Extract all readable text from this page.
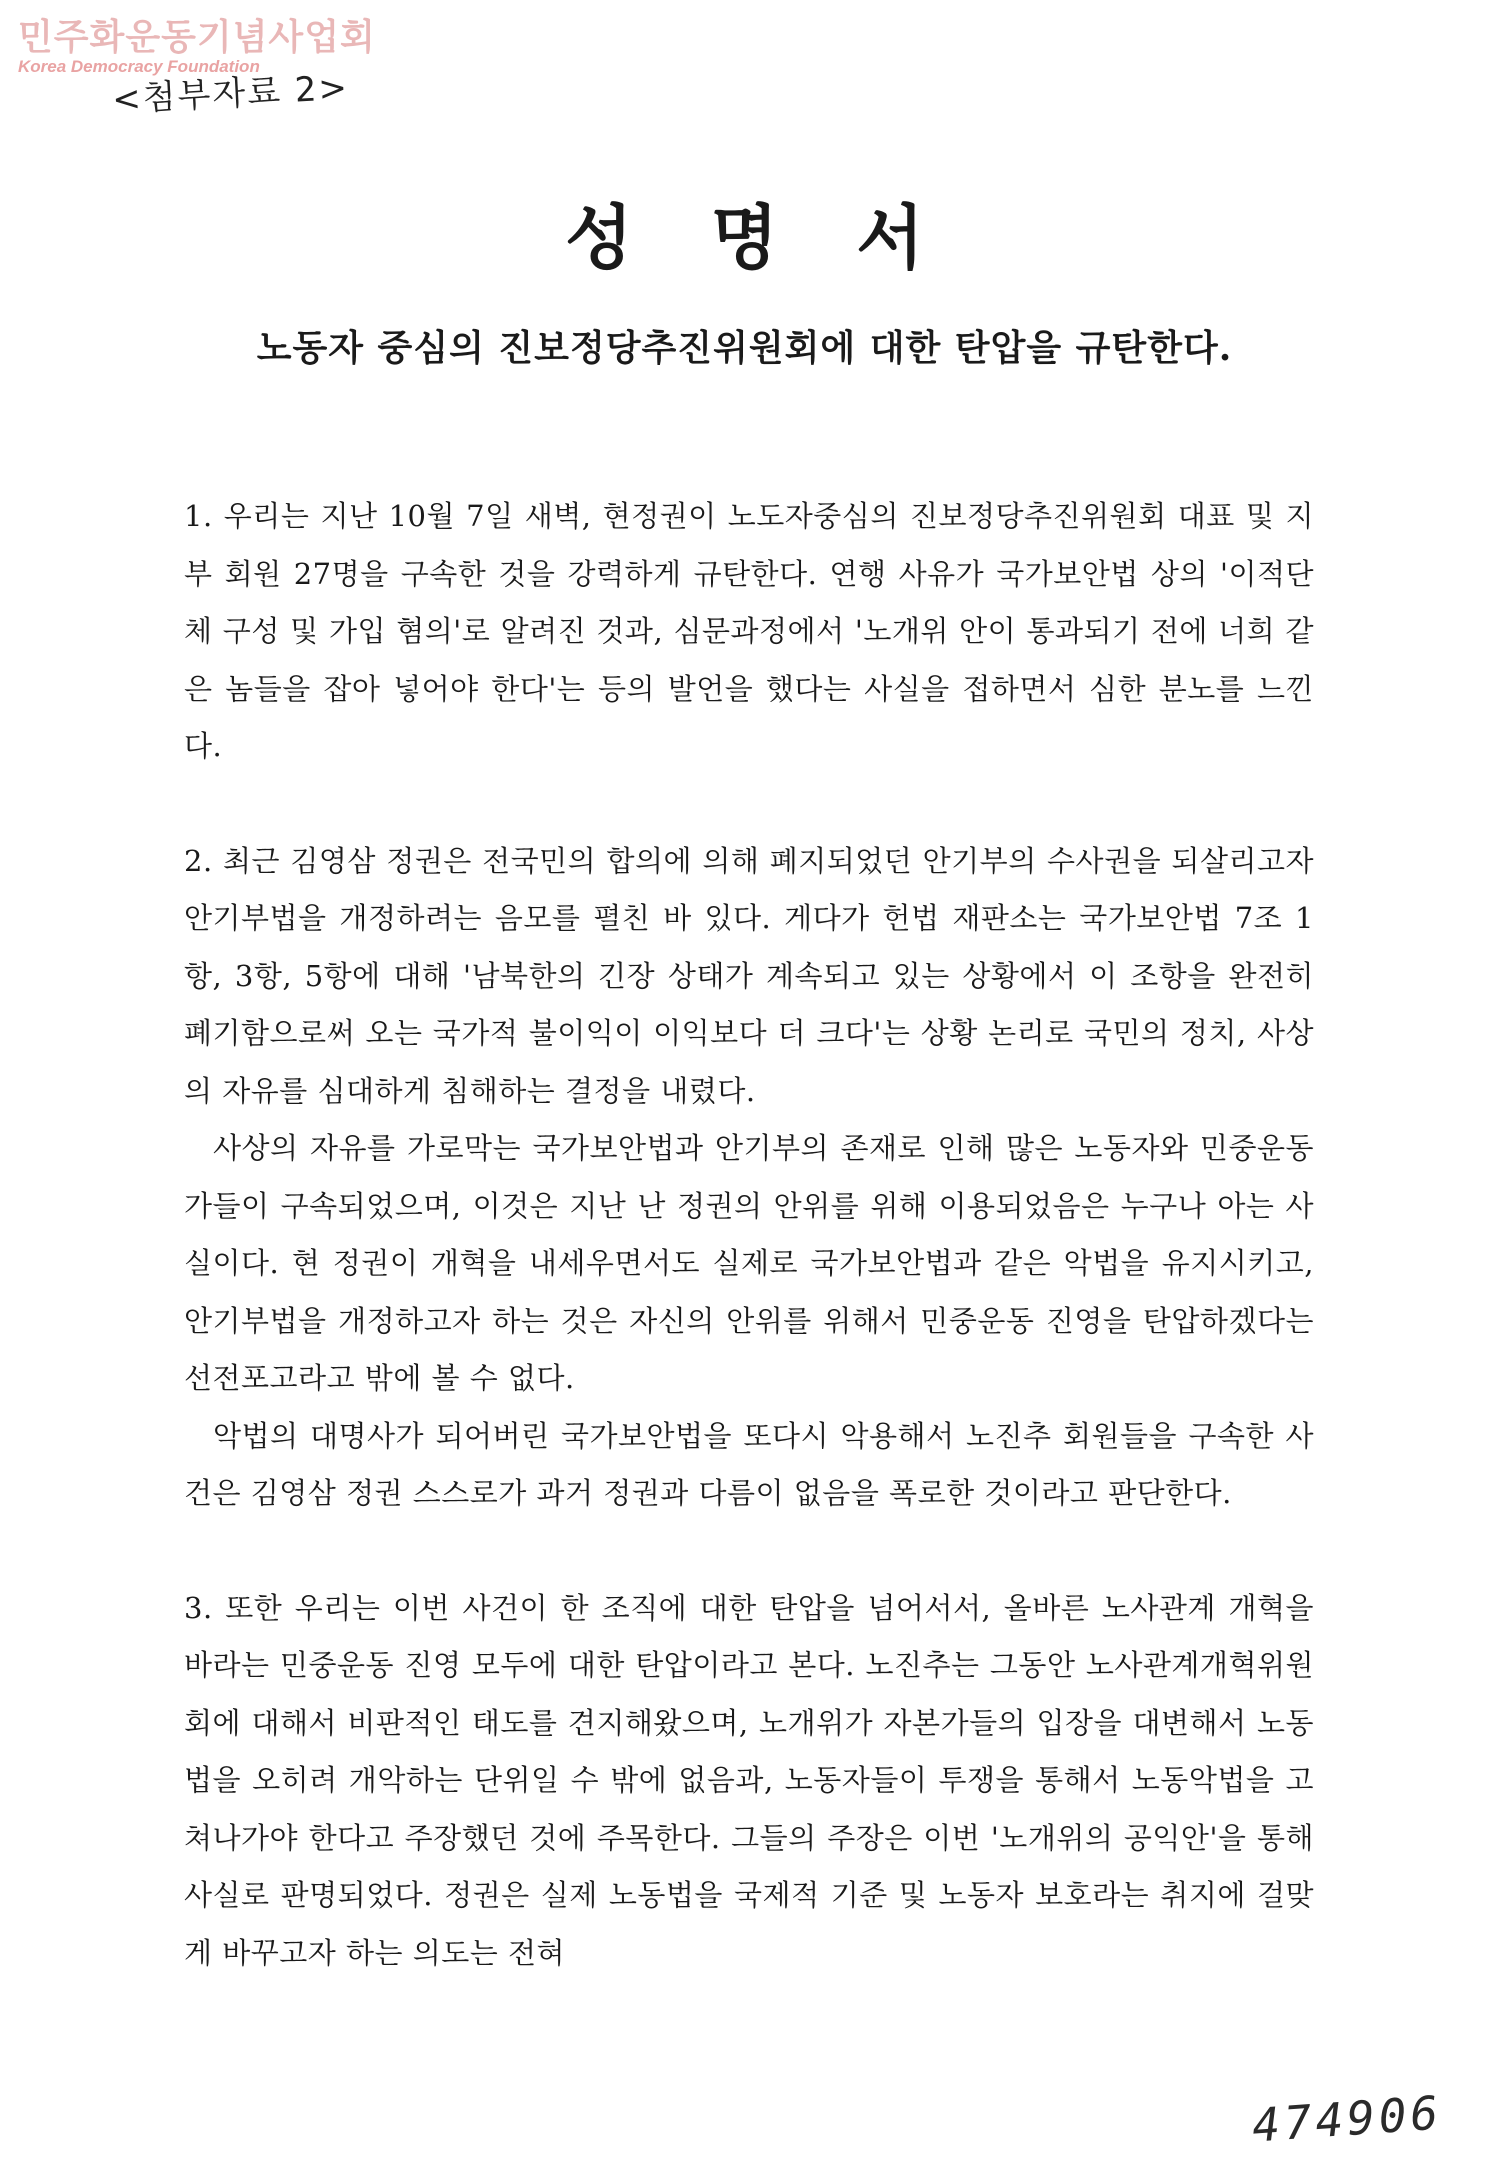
민주화운동기념사업회
Korea Democracy Foundation
<첨부자료 2>
성명서
노동자 중심의 진보정당추진위원회에 대한 탄압을 규탄한다.

1. 우리는 지난 10월 7일 새벽, 현정권이 노도자중심의 진보정당추진위원회 대표 및 지부 회원 27명을 구속한 것을 강력하게 규탄한다. 연행 사유가 국가보안법 상의 '이적단체 구성 및 가입 혐의'로 알려진 것과, 심문과정에서 '노개위 안이 통과되기 전에 너희 같은 놈들을 잡아 넣어야 한다'는 등의 발언을 했다는 사실을 접하면서 심한 분노를 느낀다.

2. 최근 김영삼 정권은 전국민의 합의에 의해 폐지되었던 안기부의 수사권을 되살리고자 안기부법을 개정하려는 음모를 펼친 바 있다. 게다가 헌법 재판소는 국가보안법 7조 1항, 3항, 5항에 대해 '남북한의 긴장 상태가 계속되고 있는 상황에서 이 조항을 완전히 폐기함으로써 오는 국가적 불이익이 이익보다 더 크다'는 상황 논리로 국민의 정치, 사상의 자유를 심대하게 침해하는 결정을 내렸다.

사상의 자유를 가로막는 국가보안법과 안기부의 존재로 인해 많은 노동자와 민중운동가들이 구속되었으며, 이것은 지난 난 정권의 안위를 위해 이용되었음은 누구나 아는 사실이다. 현 정권이 개혁을 내세우면서도 실제로 국가보안법과 같은 악법을 유지시키고, 안기부법을 개정하고자 하는 것은 자신의 안위를 위해서 민중운동 진영을 탄압하겠다는 선전포고라고 밖에 볼 수 없다.

악법의 대명사가 되어버린 국가보안법을 또다시 악용해서 노진추 회원들을 구속한 사건은 김영삼 정권 스스로가 과거 정권과 다름이 없음을 폭로한 것이라고 판단한다.

3. 또한 우리는 이번 사건이 한 조직에 대한 탄압을 넘어서서, 올바른 노사관계 개혁을 바라는 민중운동 진영 모두에 대한 탄압이라고 본다. 노진추는 그동안 노사관계개혁위원회에 대해서 비판적인 태도를 견지해왔으며, 노개위가 자본가들의 입장을 대변해서 노동법을 오히려 개악하는 단위일 수 밖에 없음과, 노동자들이 투쟁을 통해서 노동악법을 고쳐나가야 한다고 주장했던 것에 주목한다. 그들의 주장은 이번 '노개위의 공익안'을 통해 사실로 판명되었다. 정권은 실제 노동법을 국제적 기준 및 노동자 보호라는 취지에 걸맞게 바꾸고자 하는 의도는 전혀

474906
